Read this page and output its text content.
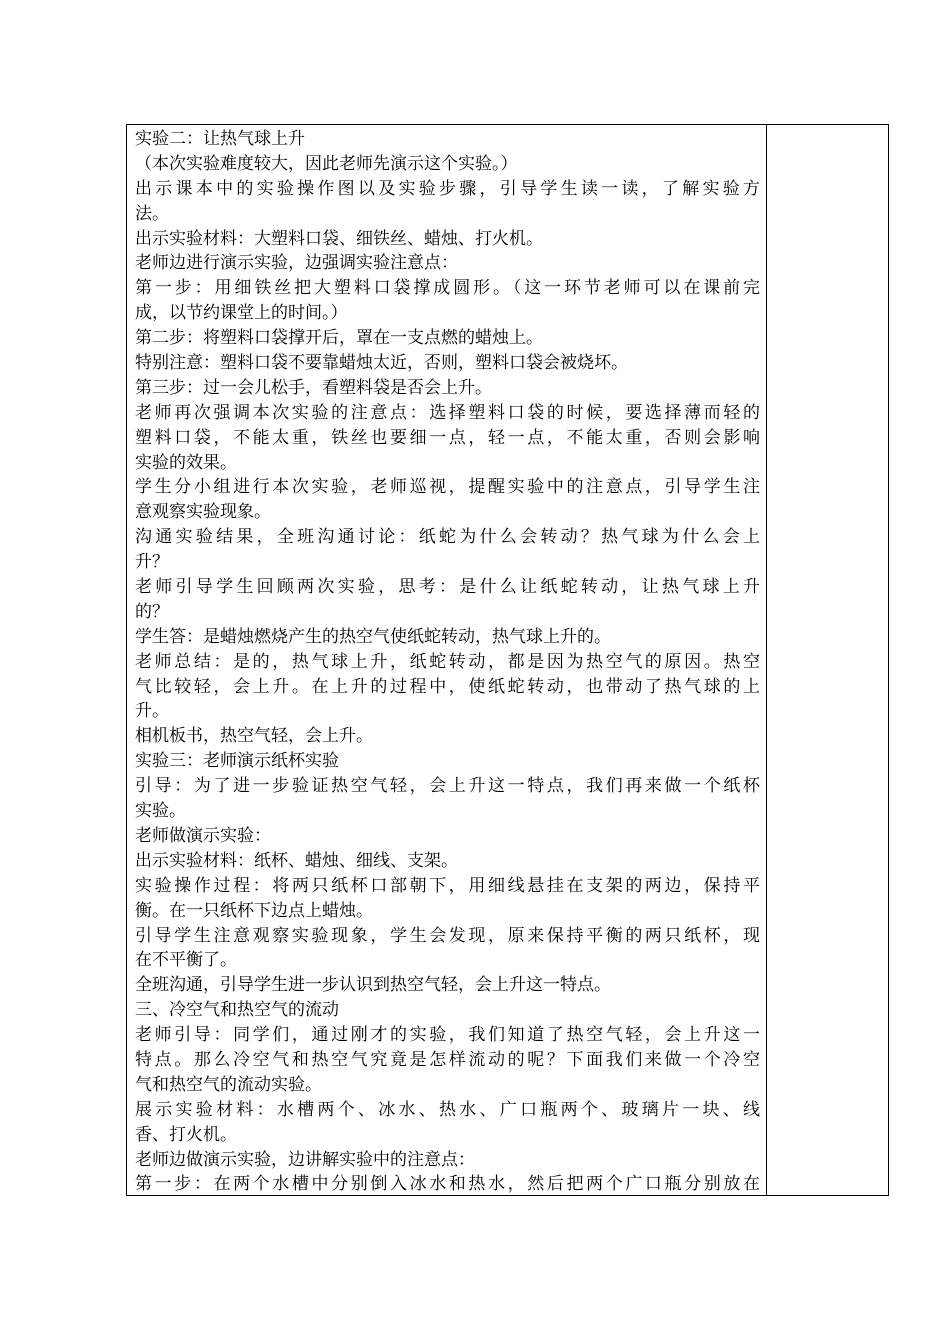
实验二：让热气球上升
（本次实验难度较大，因此老师先演示这个实验。）
出示课本中的实验操作图以及实验步骤，引导学生读一读，了解实验方
法。
出示实验材料：大塑料口袋、细铁丝、蜡烛、打火机。
老师边进行演示实验，边强调实验注意点：
第一步：用细铁丝把大塑料口袋撑成圆形。（这一环节老师可以在课前完
成，以节约课堂上的时间。）
第二步：将塑料口袋撑开后，罩在一支点燃的蜡烛上。
特别注意：塑料口袋不要靠蜡烛太近，否则，塑料口袋会被烧坏。
第三步：过一会儿松手，看塑料袋是否会上升。
老师再次强调本次实验的注意点：选择塑料口袋的时候，要选择薄而轻的
塑料口袋，不能太重，铁丝也要细一点，轻一点，不能太重，否则会影响
实验的效果。
学生分小组进行本次实验，老师巡视，提醒实验中的注意点，引导学生注
意观察实验现象。
沟通实验结果，全班沟通讨论：纸蛇为什么会转动？热气球为什么会上
升？
老师引导学生回顾两次实验，思考：是什么让纸蛇转动，让热气球上升
的？
学生答：是蜡烛燃烧产生的热空气使纸蛇转动，热气球上升的。
老师总结：是的，热气球上升，纸蛇转动，都是因为热空气的原因。热空
气比较轻，会上升。在上升的过程中，使纸蛇转动，也带动了热气球的上
升。
相机板书，热空气轻，会上升。
实验三：老师演示纸杯实验
引导：为了进一步验证热空气轻，会上升这一特点，我们再来做一个纸杯
实验。
老师做演示实验：
出示实验材料：纸杯、蜡烛、细线、支架。
实验操作过程：将两只纸杯口部朝下，用细线悬挂在支架的两边，保持平
衡。在一只纸杯下边点上蜡烛。
引导学生注意观察实验现象，学生会发现，原来保持平衡的两只纸杯，现
在不平衡了。
全班沟通，引导学生进一步认识到热空气轻，会上升这一特点。
三、冷空气和热空气的流动
老师引导：同学们，通过刚才的实验，我们知道了热空气轻，会上升这一
特点。那么冷空气和热空气究竟是怎样流动的呢？下面我们来做一个冷空
气和热空气的流动实验。
展示实验材料：水槽两个、冰水、热水、广口瓶两个、玻璃片一块、线
香、打火机。
老师边做演示实验，边讲解实验中的注意点：
第一步：在两个水槽中分别倒入冰水和热水，然后把两个广口瓶分别放在
